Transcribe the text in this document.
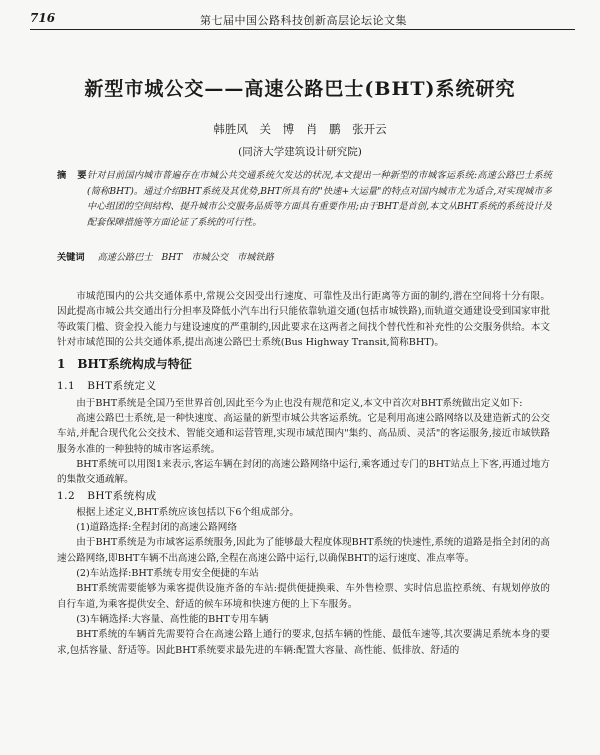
716	第七届中国公路科技创新高层论坛论文集
新型市城公交——高速公路巴士(BHT)系统研究
韩胜风 关 博 肖 鹏 张开云
(同济大学建筑设计研究院)
摘 要
针对目前国内城市普遍存在市城公共交通系统欠发达的状况,本文提出一种新型的市城客运系统:高速公路巴士系统(简称BHT)。通过介绍BHT系统及其优势,BHT所具有的"快速+大运量"的特点对国内城市尤为适合,对实现城市多中心组团的空间结构、提升城市公交服务品质等方面具有重要作用;由于BHT是首创,本文从BHT系统的系统设计及配套保障措施等方面论证了系统的可行性。
关键词 高速公路巴士 BHT 市城公交 市城铁路

市城范围内的公共交通体系中,常规公交因受出行速度、可靠性及出行距离等方面的制约,潜在空间将十分有限。因此提高市城公共交通出行分担率及降低小汽车出行只能依靠轨道交通(包括市城铁路),而轨道交通建设受到国家审批等政策门槛、资金投入能力与建设速度的严重制约,因此要求在这两者之间找个替代性和补充性的公交服务供给。本文针对市域范围的公共交通体系,提出高速公路巴士系统(Bus Highway Transit,简称BHT)。

1 BHT系统构成与特征
1.1 BHT系统定义

由于BHT系统是全国乃至世界首创,因此至今为止也没有规范和定义,本文中首次对BHT系统做出定义如下:

高速公路巴士系统,是一种快速度、高运量的新型市城公共客运系统。它是利用高速公路网络以及建造新式的公交车站,并配合现代化公交技术、智能交通和运营管理,实现市域范围内"集约、高品质、灵活"的客运服务,接近市域铁路服务水准的一种独特的城市客运系统。

BHT系统可以用图1来表示,客运车辆在封闭的高速公路网络中运行,乘客通过专门的BHT站点上下客,再通过地方的集散交通疏解。

1.2 BHT系统构成

根据上述定义,BHT系统应该包括以下6个组成部分。

(1)道路选择:全程封闭的高速公路网络

由于BHT系统是为市域客运系统服务,因此为了能够最大程度体现BHT系统的快速性,系统的道路是指全封闭的高速公路网络,即BHT车辆不出高速公路,全程在高速公路中运行,以确保BHT的运行速度、准点率等。

(2)车站选择:BHT系统专用安全便捷的车站

BHT系统需要能够为乘客提供设施齐备的车站:提供便捷换乘、车外售检票、实时信息监控系统、有规划停放的自行车道,为乘客提供安全、舒适的候车环境和快速方便的上下车服务。

(3)车辆选择:大容量、高性能的BHT专用车辆

BHT系统的车辆首先需要符合在高速公路上通行的要求,包括车辆的性能、最低车速等,其次要满足系统本身的要求,包括容量、舒适等。因此BHT系统要求最先进的车辆:配置大容量、高性能、低排放、舒适的
